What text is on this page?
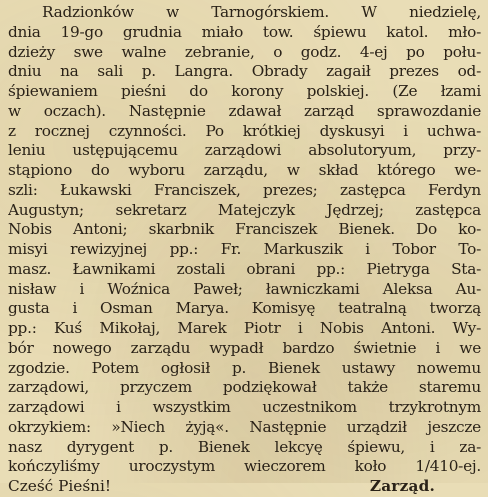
Radzionków w Tarnogórskiem. W niedzielę,
dnia 19-go grudnia miało tow. śpiewu katol. mło-
dzieży swe walne zebranie, o godz. 4-ej po połu-
dniu na sali p. Langra. Obrady zagaił prezes od-
śpiewaniem pieśni do korony polskiej. (Ze łzami
w oczach). Następnie zdawał zarząd sprawozdanie
z rocznej czynności. Po krótkiej dyskusyi i uchwa-
leniu ustępującemu zarządowi absolutoryum, przy-
stąpiono do wyboru zarządu, w skład którego we-
szli: Łukawski Franciszek, prezes; zastępca Ferdyn
Augustyn; sekretarz Matejczyk Jędrzej; zastępca
Nobis Antoni; skarbnik Franciszek Bienek. Do ko-
misyi rewizyjnej pp.: Fr. Markuszik i Tobor To-
masz. Ławnikami zostali obrani pp.: Pietryga Sta-
nisław i Woźnica Paweł; ławniczkami Aleksa Au-
gusta i Osman Marya. Komisyę teatralną tworzą
pp.: Kuś Mikołaj, Marek Piotr i Nobis Antoni. Wy-
bór nowego zarządu wypadł bardzo świetnie i we
zgodzie. Potem ogłosił p. Bienek ustawy nowemu
zarządowi, przyczem podziękował także staremu
zarządowi i wszystkim uczestnikom trzykrotnym
okrzykiem: »Niech żyją«. Następnie urządził jeszcze
nasz dyrygent p. Bienek lekcyę śpiewu, i za-
kończyliśmy uroczystym wieczorem koło 1/410-ej.
Cześć Pieśni!	Zarząd.
